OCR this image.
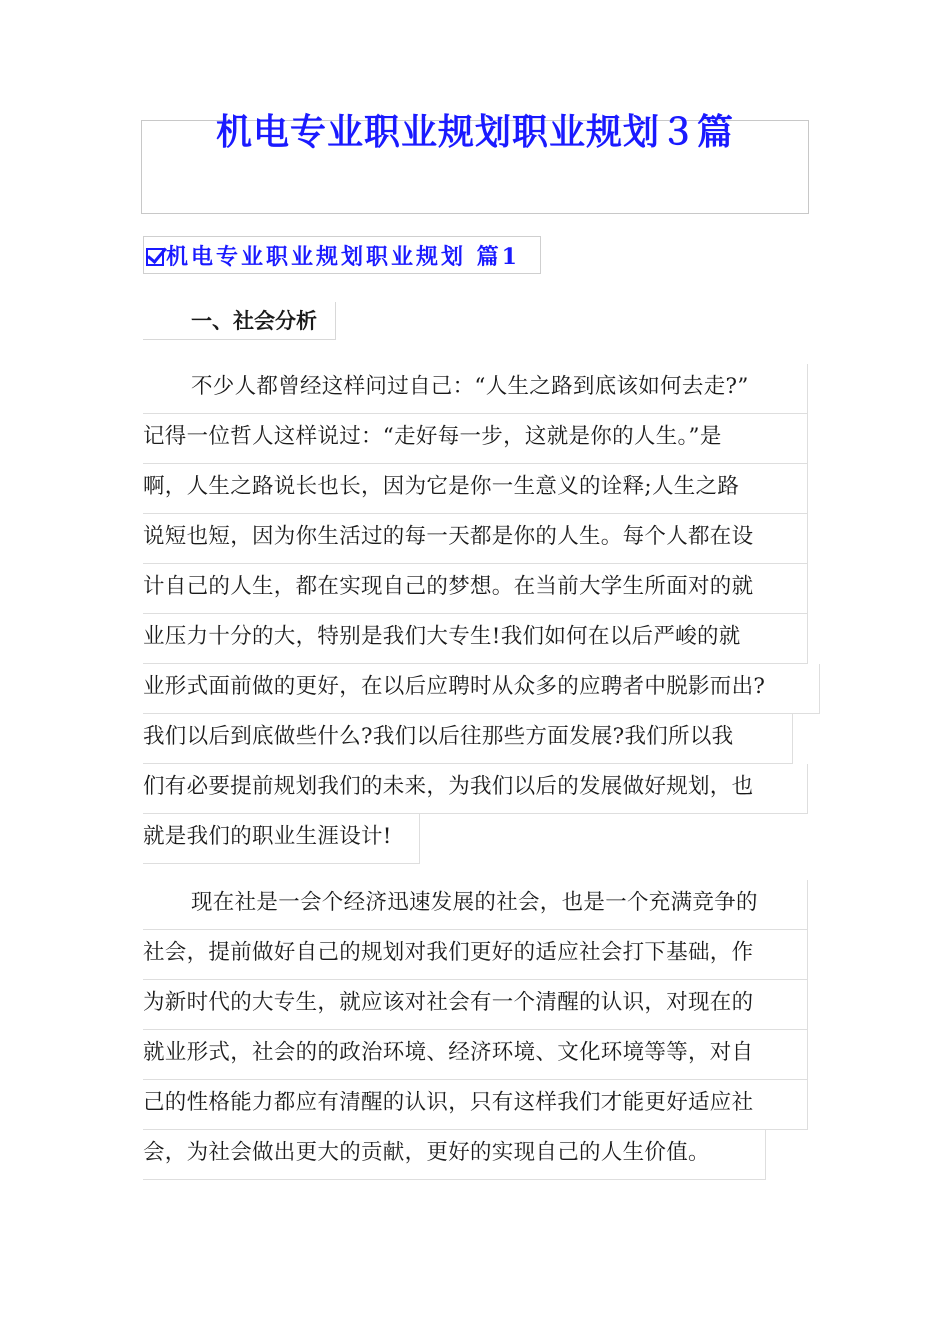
机电专业职业规划职业规划３篇
机电专业职业规划职业规划 篇1
一、社会分析
不少人都曾经这样问过自己：“人生之路到底该如何去走?”
记得一位哲人这样说过：“走好每一步，这就是你的人生。”是
啊，人生之路说长也长，因为它是你一生意义的诠释;人生之路
说短也短，因为你生活过的每一天都是你的人生。每个人都在设
计自己的人生，都在实现自己的梦想。在当前大学生所面对的就
业压力十分的大，特别是我们大专生!我们如何在以后严峻的就
业形式面前做的更好，在以后应聘时从众多的应聘者中脱影而出?
我们以后到底做些什么?我们以后往那些方面发展?我们所以我
们有必要提前规划我们的未来，为我们以后的发展做好规划，也
就是我们的职业生涯设计!
现在社是一会个经济迅速发展的社会，也是一个充满竞争的
社会，提前做好自己的规划对我们更好的适应社会打下基础，作
为新时代的大专生，就应该对社会有一个清醒的认识，对现在的
就业形式，社会的的政治环境、经济环境、文化环境等等，对自
己的性格能力都应有清醒的认识，只有这样我们才能更好适应社
会，为社会做出更大的贡献，更好的实现自己的人生价值。
